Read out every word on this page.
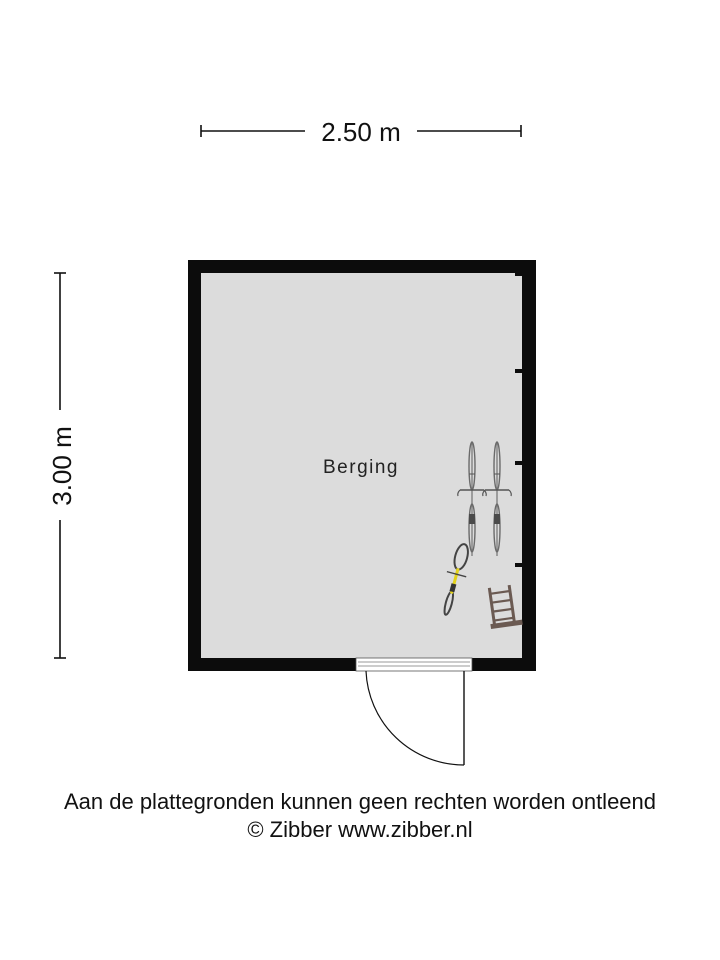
2.50 m
3.00 m	Berging
Aan de plattegronden kunnen geen rechten worden ontleend
© Zibber www.zibber.nl
